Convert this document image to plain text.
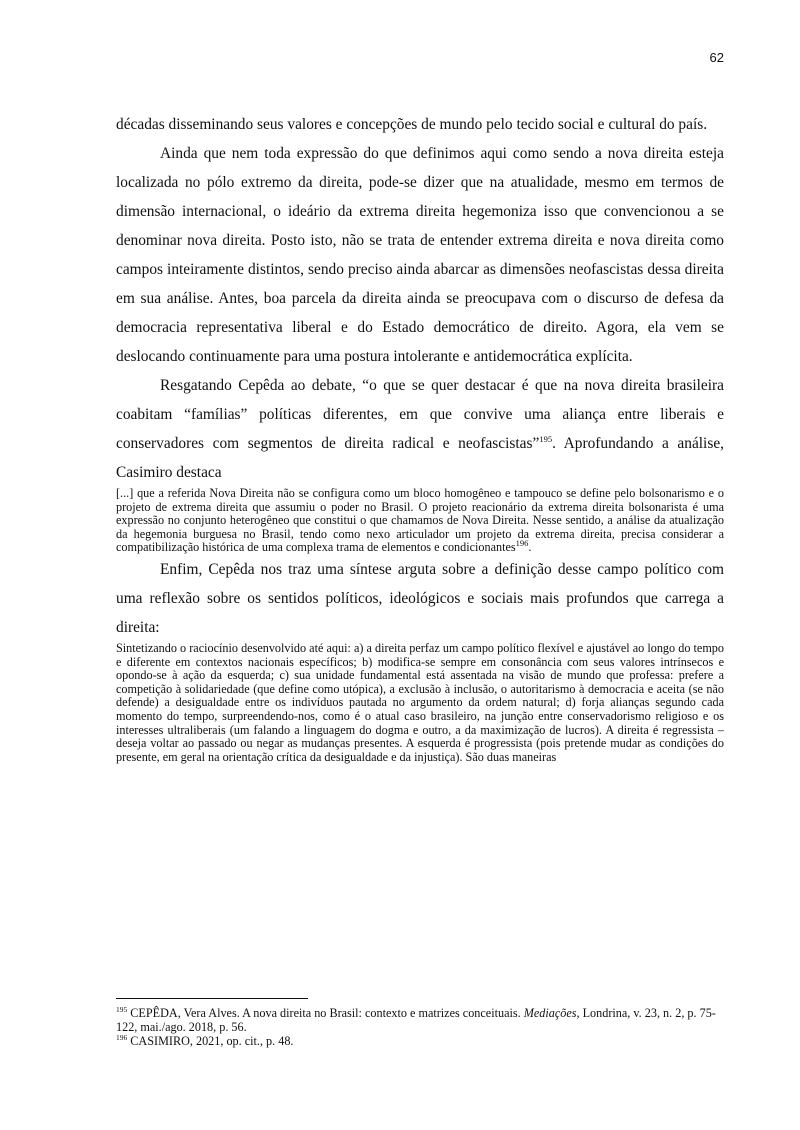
62

décadas disseminando seus valores e concepções de mundo pelo tecido social e cultural do país.

Ainda que nem toda expressão do que definimos aqui como sendo a nova direita esteja localizada no pólo extremo da direita, pode-se dizer que na atualidade, mesmo em termos de dimensão internacional, o ideário da extrema direita hegemoniza isso que convencionou a se denominar nova direita. Posto isto, não se trata de entender extrema direita e nova direita como campos inteiramente distintos, sendo preciso ainda abarcar as dimensões neofascistas dessa direita em sua análise. Antes, boa parcela da direita ainda se preocupava com o discurso de defesa da democracia representativa liberal e do Estado democrático de direito. Agora, ela vem se deslocando continuamente para uma postura intolerante e antidemocrática explícita.

Resgatando Cepêda ao debate, “o que se quer destacar é que na nova direita brasileira coabitam “famílias” políticas diferentes, em que convive uma aliança entre liberais e conservadores com segmentos de direita radical e neofascistas”$^{195}$. Aprofundando a análise, Casimiro destaca

[...] que a referida Nova Direita não se configura como um bloco homogêneo e tampouco se define pelo bolsonarismo e o projeto de extrema direita que assumiu o poder no Brasil. O projeto reacionário da extrema direita bolsonarista é uma expressão no conjunto heterogêneo que constitui o que chamamos de Nova Direita. Nesse sentido, a análise da atualização da hegemonia burguesa no Brasil, tendo como nexo articulador um projeto da extrema direita, precisa considerar a compatibilização histórica de uma complexa trama de elementos e condicionantes$^{196}$.

Enfim, Cepêda nos traz uma síntese arguta sobre a definição desse campo político com uma reflexão sobre os sentidos políticos, ideológicos e sociais mais profundos que carrega a direita:

Sintetizando o raciocínio desenvolvido até aqui: a) a direita perfaz um campo político flexível e ajustável ao longo do tempo e diferente em contextos nacionais específicos; b) modifica-se sempre em consonância com seus valores intrínsecos e opondo-se à ação da esquerda; c) sua unidade fundamental está assentada na visão de mundo que professa: prefere a competição à solidariedade (que define como utópica), a exclusão à inclusão, o autoritarismo à democracia e aceita (se não defende) a desigualdade entre os indivíduos pautada no argumento da ordem natural; d) forja alianças segundo cada momento do tempo, surpreendendo-nos, como é o atual caso brasileiro, na junção entre conservadorismo religioso e os interesses ultraliberais (um falando a linguagem do dogma e outro, a da maximização de lucros). A direita é regressista – deseja voltar ao passado ou negar as mudanças presentes. A esquerda é progressista (pois pretende mudar as condições do presente, em geral na orientação crítica da desigualdade e da injustiça). São duas maneiras

$^{195}$ CEPÊDA, Vera Alves. A nova direita no Brasil: contexto e matrizes conceituais. Mediações, Londrina, v. 23, n. 2, p. 75-122, mai./ago. 2018, p. 56.

$^{196}$ CASIMIRO, 2021, op. cit., p. 48.
